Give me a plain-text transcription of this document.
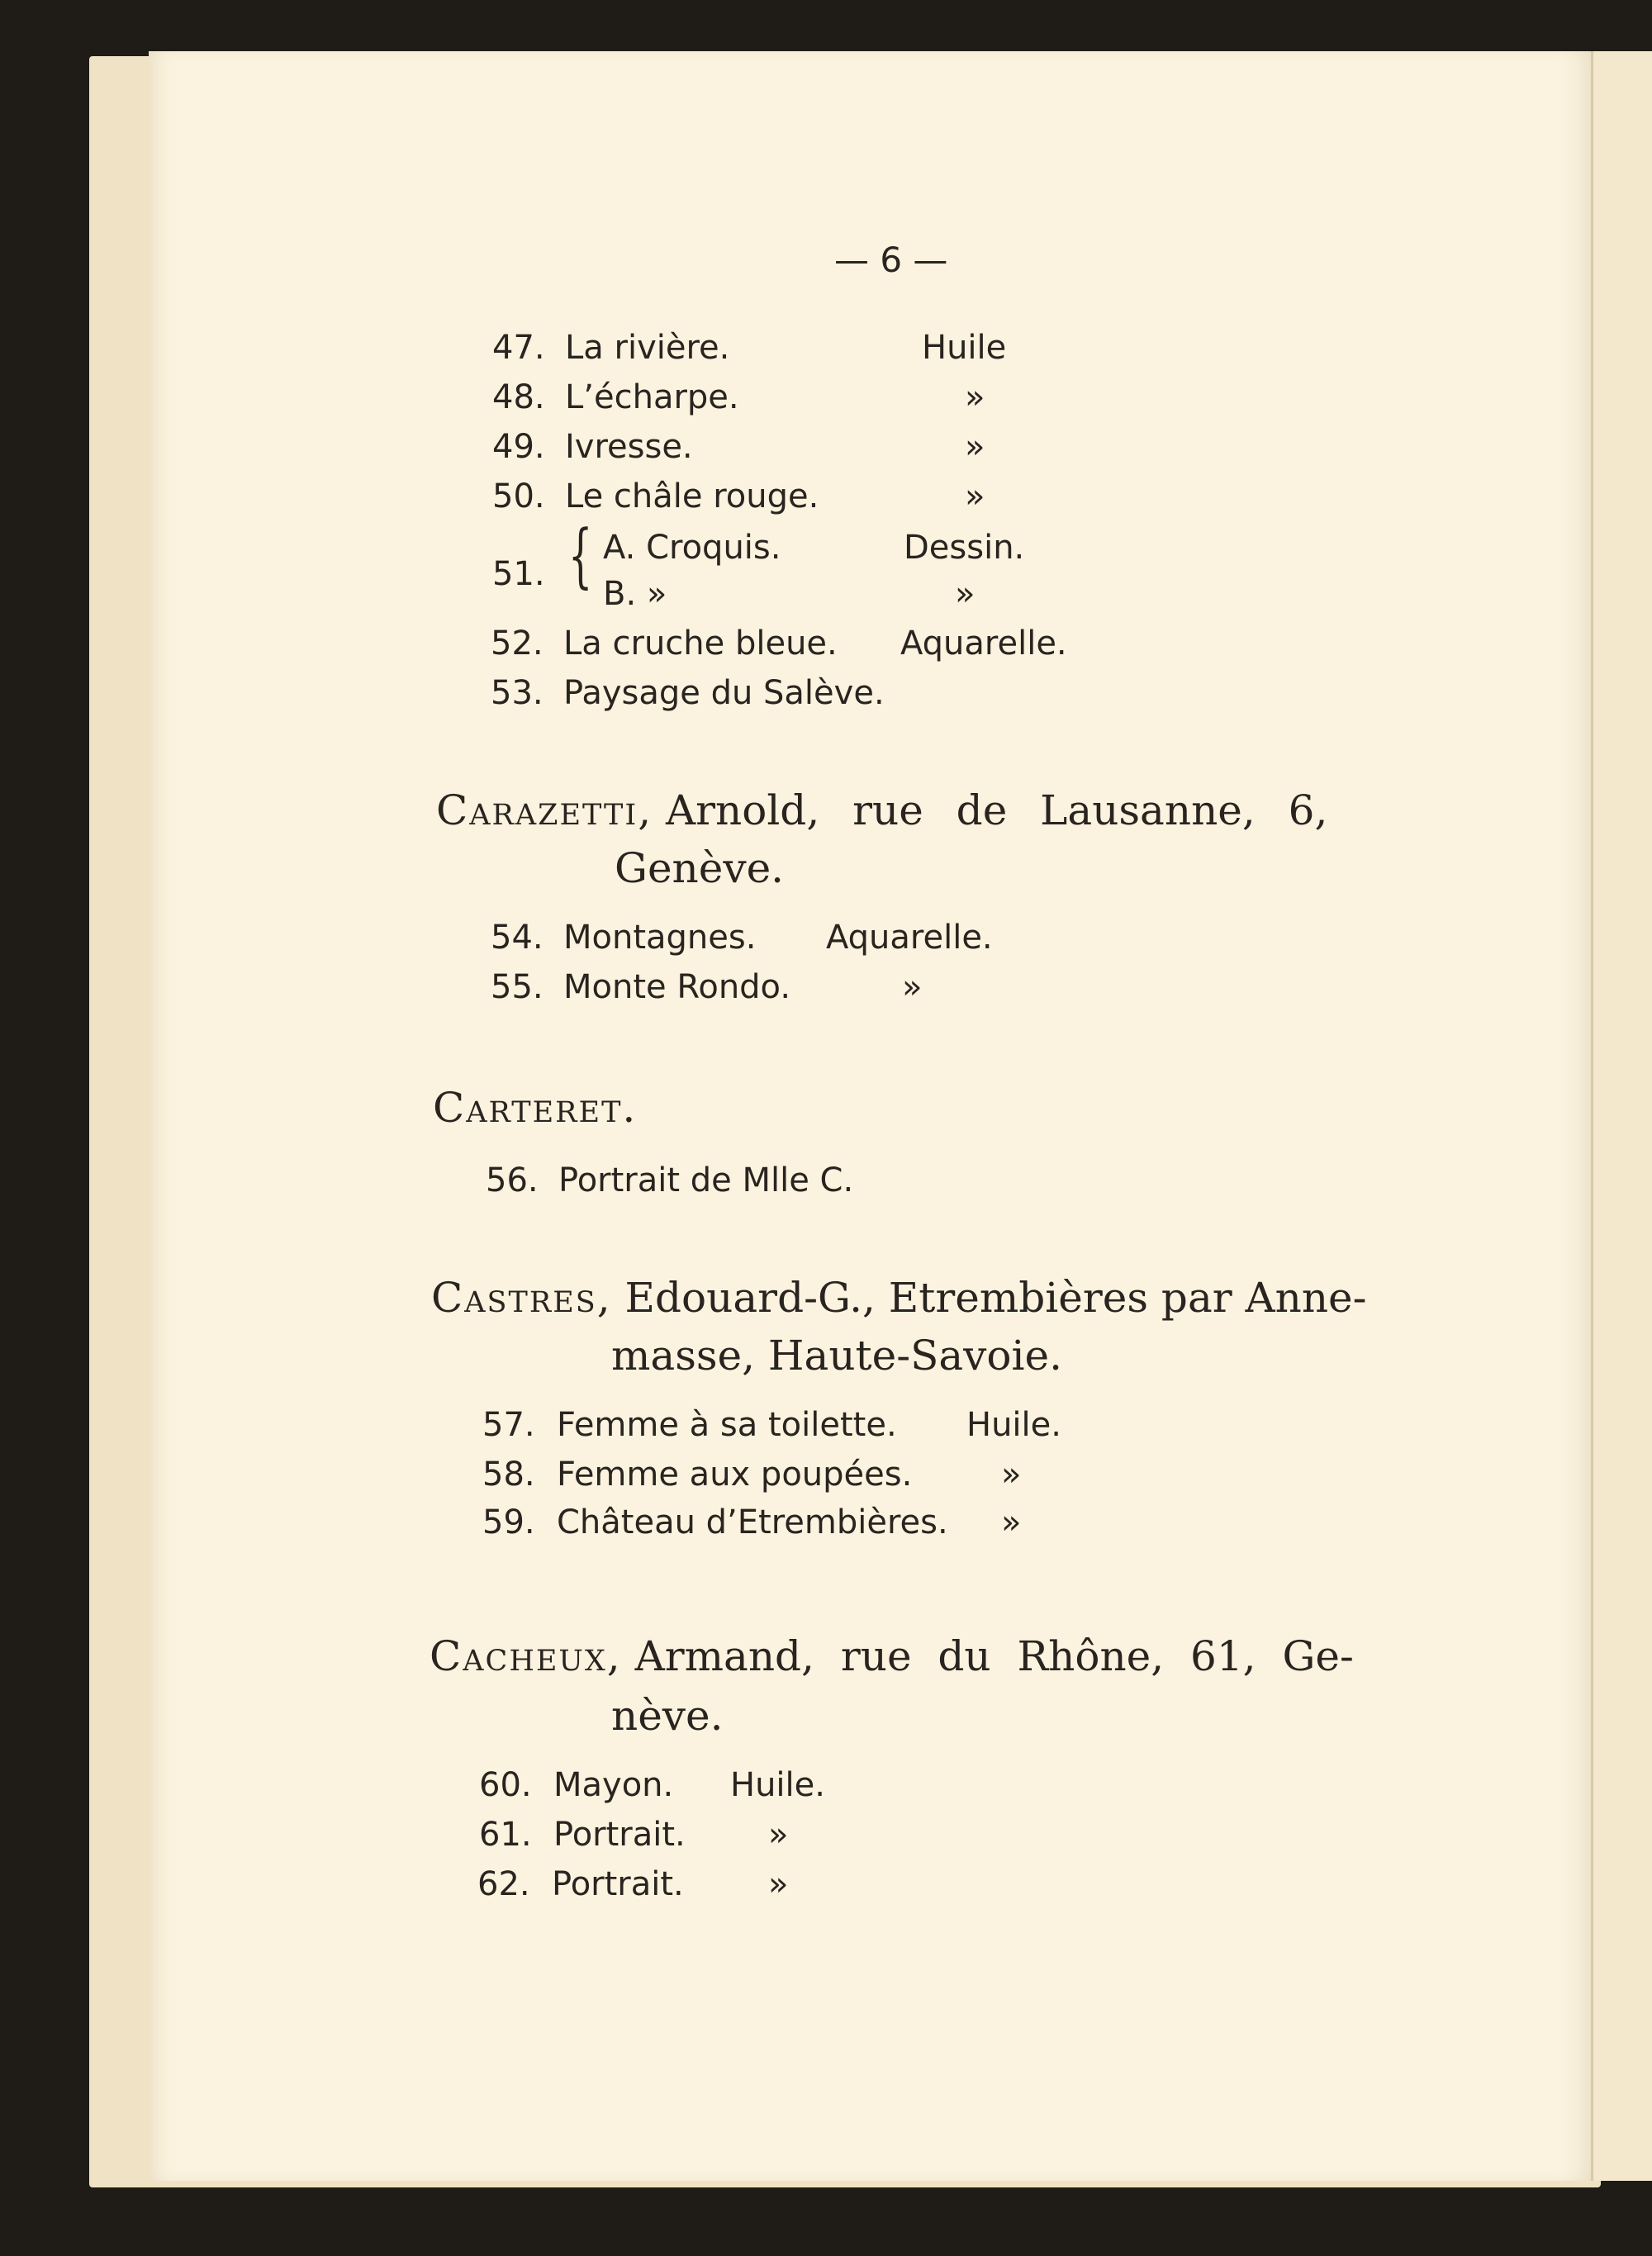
— 6 —
47. La rivière.	Huile
48. L’écharpe.	»
49. Ivresse.	»
50. Le châle rouge.	»
51. { A. Croquis.	Dessin.
B. »	»
52. La cruche bleue. Aquarelle.
53. Paysage du Salève.
Carazetti, Arnold, rue de Lausanne, 6,
Genève.
54. Montagnes. Aquarelle.
55. Monte Rondo.	»
Carteret.
56. Portrait de Mlle C.
Castres, Edouard-G., Etrembières par Anne-
masse, Haute-Savoie.
57. Femme à sa toilette. Huile.
58. Femme aux poupées.	»
59. Château d’Etrembières. »
Cacheux, Armand, rue du Rhône, 61, Ge-
nève.
60. Mayon. Huile.
61. Portrait.	»
62. Portrait.	»
